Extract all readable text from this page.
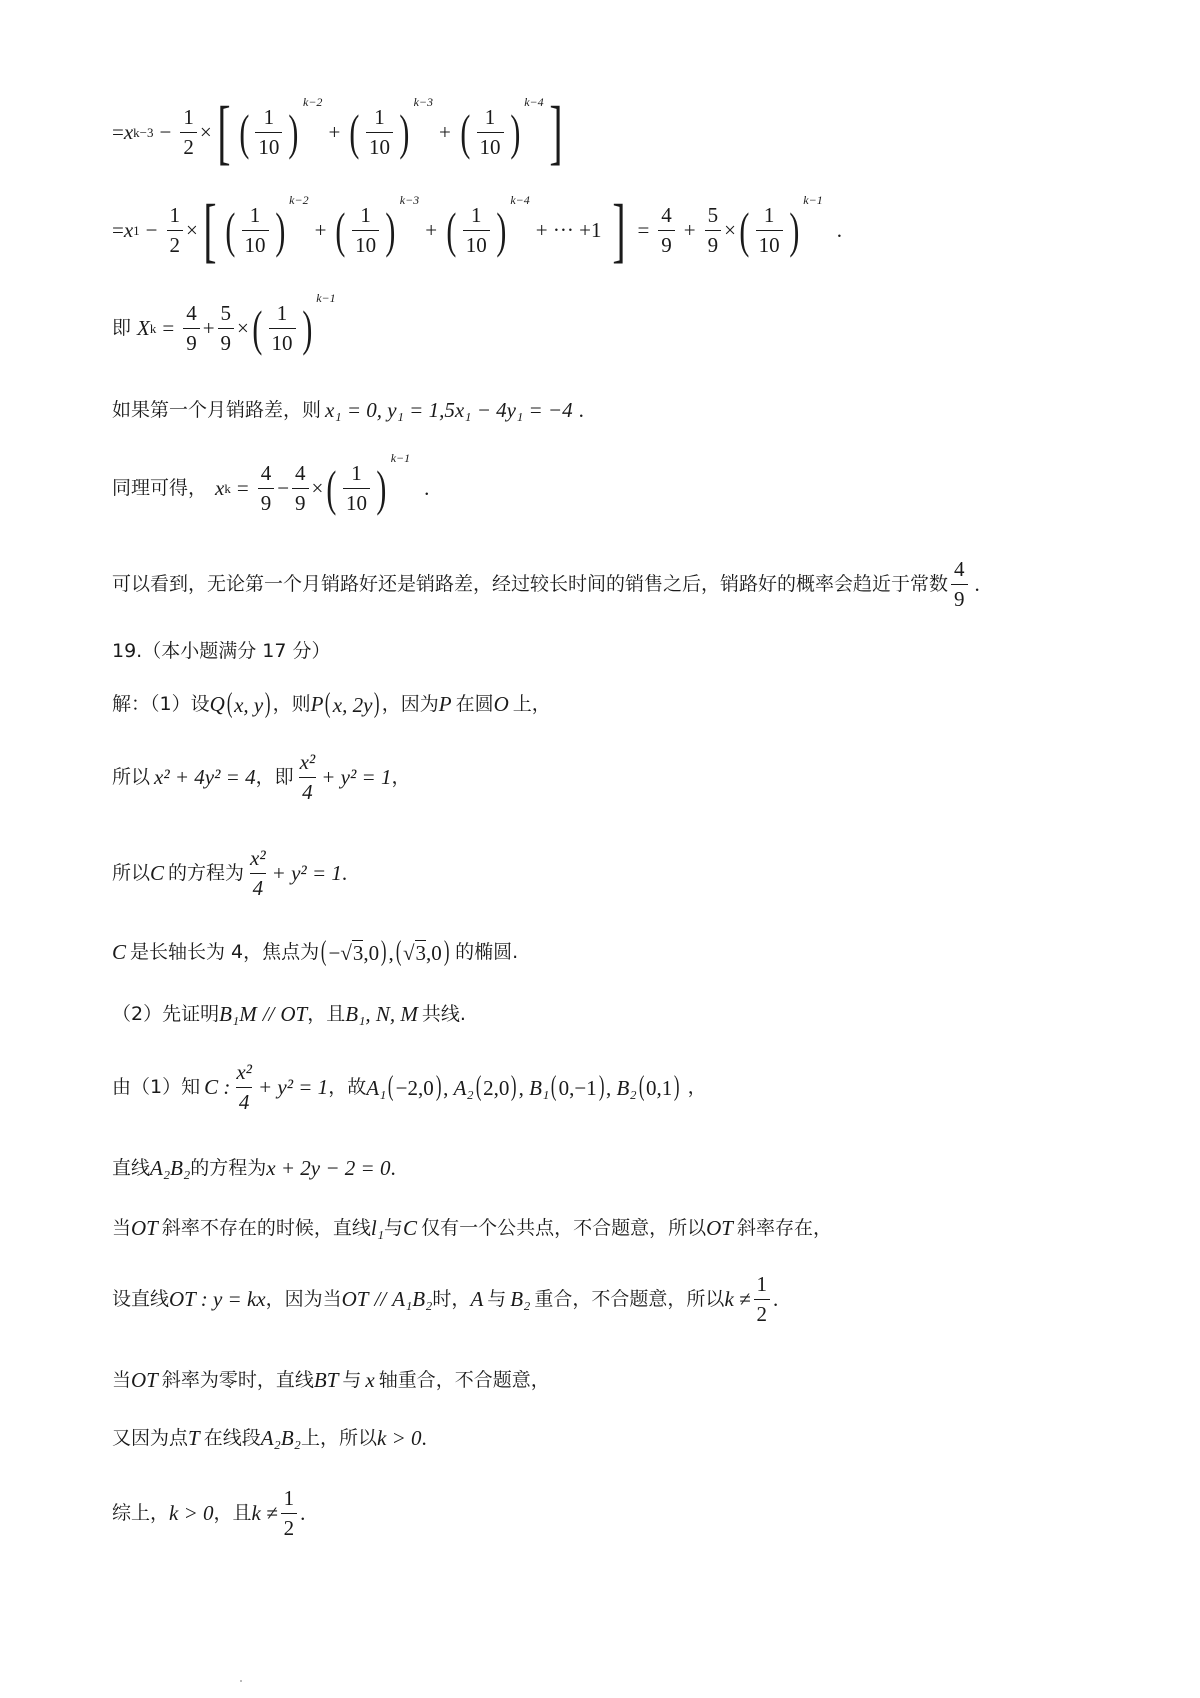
= x $k-3 - \frac{1}{2}$ × [ ( $\frac{1}{10}$ )
k−2
+ ( $\frac{1}{10}$ )
k−3
+ ( $\frac{1}{10}$ )
k−4 ]
= x $1 - \frac{1}{2}$ × [ ( $\frac{1}{10}$ )
k−2
+ ( $\frac{1}{10}$ )
k−3
+ ( $\frac{1}{10}$ )
k−4
+ ··· +1 ] = $\frac{4}{9} + \frac{5}{9}$ × ( $\frac{1}{10}$ )
k−1
.
即 X $k = \frac{4}{9} + \frac{5}{9}$ × ( $\frac{1}{10}$ )
k−1
如果第一个月销路差，则 x₁ = 0, y₁ = 1,5x₁ − 4y₁ = −4 .
同理可得， x $k = \frac{4}{9} - \frac{4}{9}$ × ( $\frac{1}{10}$ )
k−1
.
可以看到，无论第一个月销路好还是销路差，经过较长时间的销售之后，销路好的概率会趋近于常数 $\frac{4}{9}$ .
19.（本小题满分 17 分）
解：（1）设 Q (x, y) ，则 P (x, 2y) ，因为 P 在圆 O 上，
所以 x² + 4y² = 4 ，即 $\frac{\text{x²}}{4} + y^2 = 1$ ，
所以 C 的方程为 $\frac{\text{x²}}{4} + y^2 = 1$ .
C 是长轴长为 4，焦点为 (−√3,0),(√3,0) 的椭圆.
（2）先证明 B₁M // OT ，且 B₁, N, M 共线.
由（1）知 C : $\frac{\text{x²}}{4} + y^2 = 1$ ，故 A₁(−2,0), A₂(2,0), B₁(0,−1), B₂(0,1) ，
直线 A₂B₂ 的方程为 x + 2y − 2 = 0 .
当 OT 斜率不存在的时候，直线 l₁ 与 C 仅有一个公共点，不合题意，所以 OT 斜率存在，
设直线 OT : y = kx ，因为当 OT // A₁B₂ 时， A 与 B₂ 重合，不合题意，所以 $k \ne \frac{1}{2}$ .
当 OT 斜率为零时，直线 BT 与 x 轴重合，不合题意，
又因为点 T 在线段 A₂B₂ 上，所以 k > 0 .
综上， k > 0 ，且 $k \ne \frac{1}{2}$ .
